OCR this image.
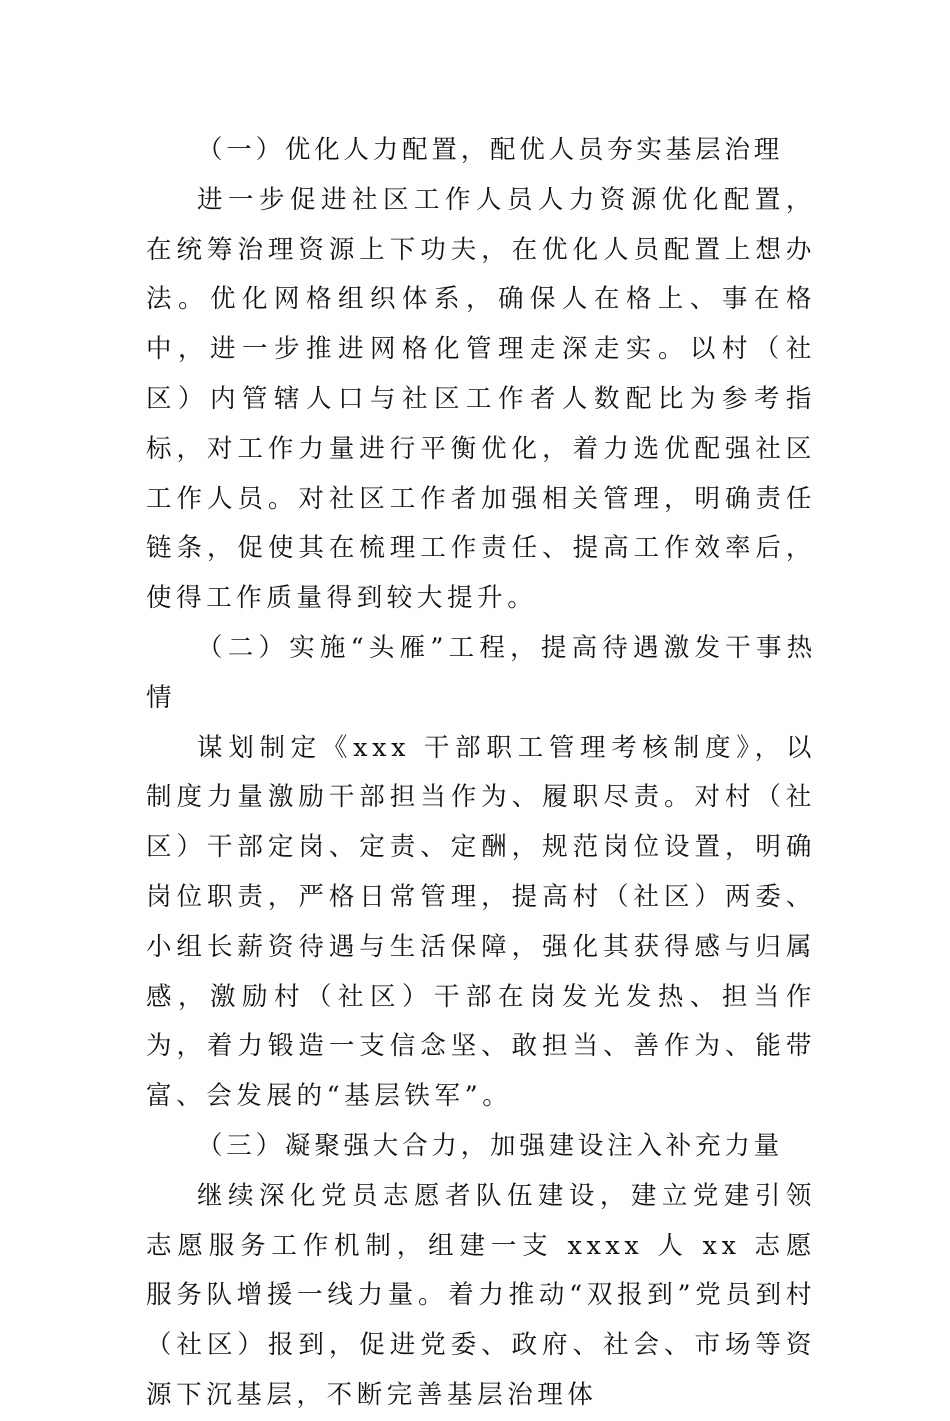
（一）优化人力配置，配优人员夯实基层治理

进一步促进社区工作人员人力资源优化配置，在统筹治理资源上下功夫，在优化人员配置上想办法。优化网格组织体系，确保人在格上、事在格中，进一步推进网格化管理走深走实。以村（社区）内管辖人口与社区工作者人数配比为参考指标，对工作力量进行平衡优化，着力选优配强社区工作人员。对社区工作者加强相关管理，明确责任链条，促使其在梳理工作责任、提高工作效率后，使得工作质量得到较大提升。

（二）实施“头雁”工程，提高待遇激发干事热情

谋划制定《xxx 干部职工管理考核制度》，以制度力量激励干部担当作为、履职尽责。对村（社区）干部定岗、定责、定酬，规范岗位设置，明确岗位职责，严格日常管理，提高村（社区）两委、小组长薪资待遇与生活保障，强化其获得感与归属感，激励村（社区）干部在岗发光发热、担当作为，着力锻造一支信念坚、敢担当、善作为、能带富、会发展的“基层铁军”。

（三）凝聚强大合力，加强建设注入补充力量

继续深化党员志愿者队伍建设，建立党建引领志愿服务工作机制，组建一支 xxxx 人 xx 志愿服务队增援一线力量。着力推动“双报到”党员到村（社区）报到，促进党委、政府、社会、市场等资源下沉基层，不断完善基层治理体
